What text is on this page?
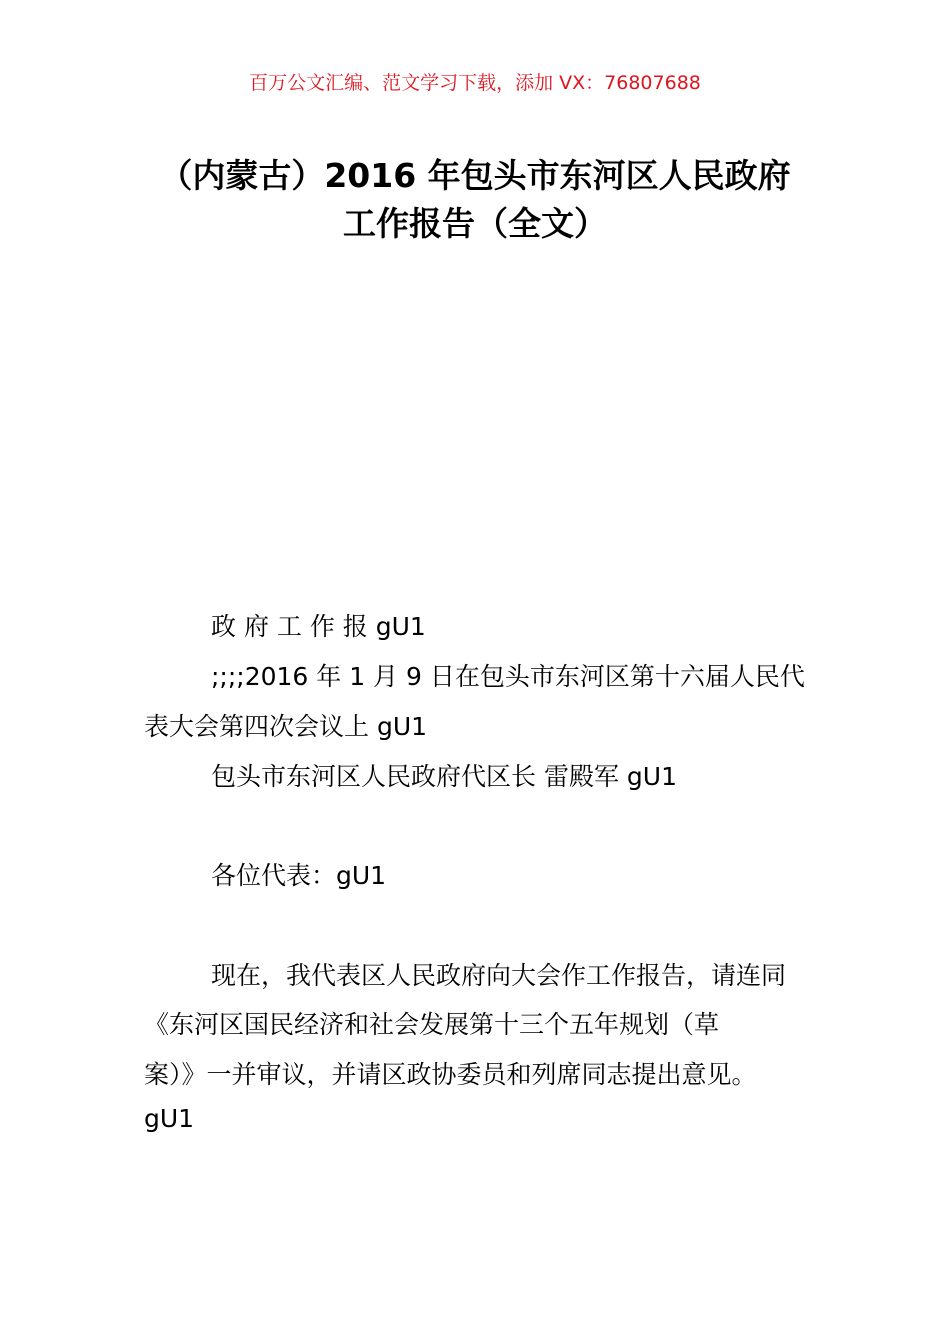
百万公文汇编、范文学习下载，添加 VX：76807688
（内蒙古）2016 年包头市东河区人民政府
工作报告（全文）
政 府 工 作 报 gU1
;;;;2016 年 1 月 9 日在包头市东河区第十六届人民代
表大会第四次会议上 gU1
包头市东河区人民政府代区长 雷殿军 gU1
各位代表：gU1
现在，我代表区人民政府向大会作工作报告，请连同
《东河区国民经济和社会发展第十三个五年规划（草
案）》一并审议，并请区政协委员和列席同志提出意见。
gU1
